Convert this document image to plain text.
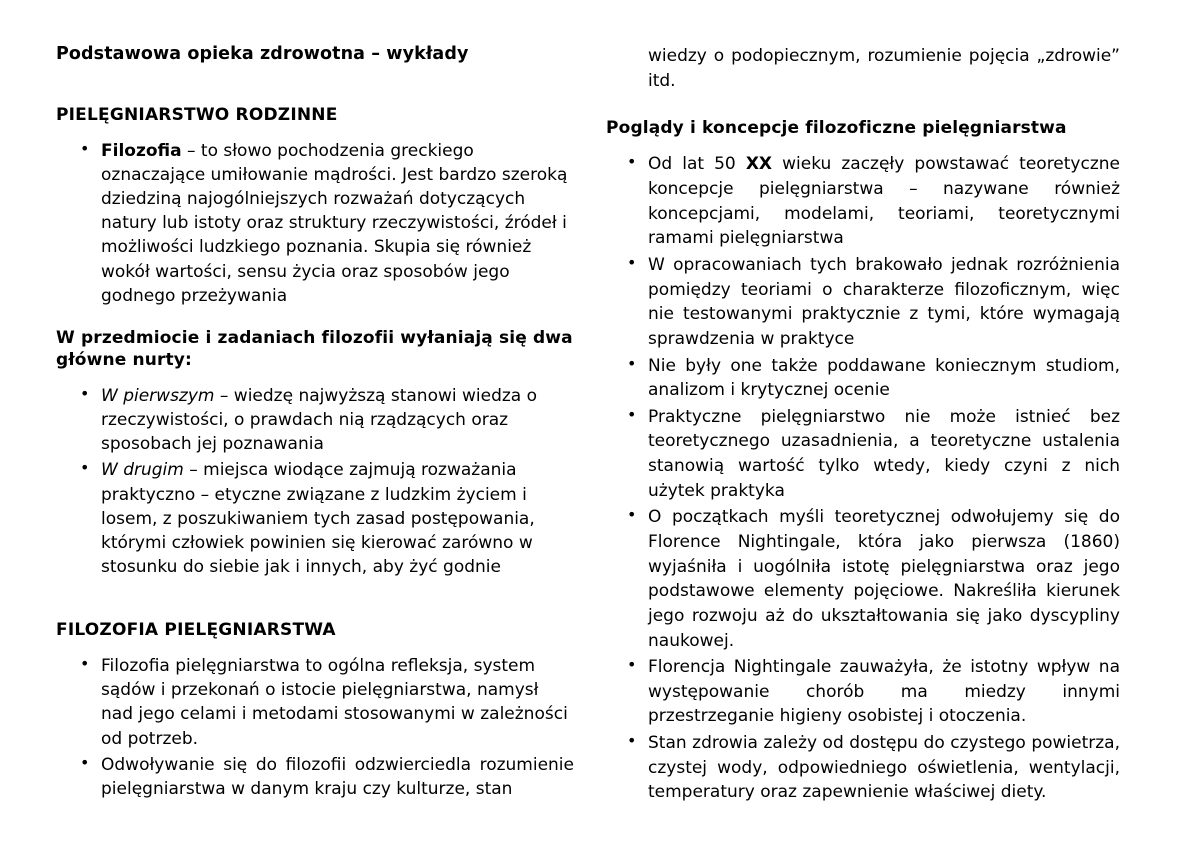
Podstawowa opieka zdrowotna – wykłady
PIELĘGNIARSTWO RODZINNE
• Filozofia – to słowo pochodzenia greckiego oznaczające umiłowanie mądrości. Jest bardzo szeroką dziedziną najogólniejszych rozważań dotyczących natury lub istoty oraz struktury rzeczywistości, źródeł i możliwości ludzkiego poznania. Skupia się również wokół wartości, sensu życia oraz sposobów jego godnego przeżywania
W przedmiocie i zadaniach filozofii wyłaniają się dwa główne nurty:
• W pierwszym – wiedzę najwyższą stanowi wiedza o rzeczywistości, o prawdach nią rządzących oraz sposobach jej poznawania
• W drugim – miejsca wiodące zajmują rozważania praktyczno – etyczne związane z ludzkim życiem i losem, z poszukiwaniem tych zasad postępowania, którymi człowiek powinien się kierować zarówno w stosunku do siebie jak i innych, aby żyć godnie
FILOZOFIA PIELĘGNIARSTWA
• Filozofia pielęgniarstwa to ogólna refleksja, system sądów i przekonań o istocie pielęgniarstwa, namysł nad jego celami i metodami stosowanymi w zależności od potrzeb.
• Odwoływanie się do filozofii odzwierciedla rozumienie pielęgniarstwa w danym kraju czy kulturze, stan
wiedzy o podopiecznym, rozumienie pojęcia „zdrowie” itd.
Poglądy i koncepcje filozoficzne pielęgniarstwa
• Od lat 50 XX wieku zaczęły powstawać teoretyczne koncepcje pielęgniarstwa – nazywane również koncepcjami, modelami, teoriami, teoretycznymi ramami pielęgniarstwa
• W opracowaniach tych brakowało jednak rozróżnienia pomiędzy teoriami o charakterze filozoficznym, więc nie testowanymi praktycznie z tymi, które wymagają sprawdzenia w praktyce
• Nie były one także poddawane koniecznym studiom, analizom i krytycznej ocenie
• Praktyczne pielęgniarstwo nie może istnieć bez teoretycznego uzasadnienia, a teoretyczne ustalenia stanowią wartość tylko wtedy, kiedy czyni z nich użytek praktyka
• O początkach myśli teoretycznej odwołujemy się do Florence Nightingale, która jako pierwsza (1860) wyjaśniła i uogólniła istotę pielęgniarstwa oraz jego podstawowe elementy pojęciowe. Nakreśliła kierunek jego rozwoju aż do ukształtowania się jako dyscypliny naukowej.
• Florencja Nightingale zauważyła, że istotny wpływ na występowanie chorób ma miedzy innymi przestrzeganie higieny osobistej i otoczenia.
• Stan zdrowia zależy od dostępu do czystego powietrza, czystej wody, odpowiedniego oświetlenia, wentylacji, temperatury oraz zapewnienie właściwej diety.
